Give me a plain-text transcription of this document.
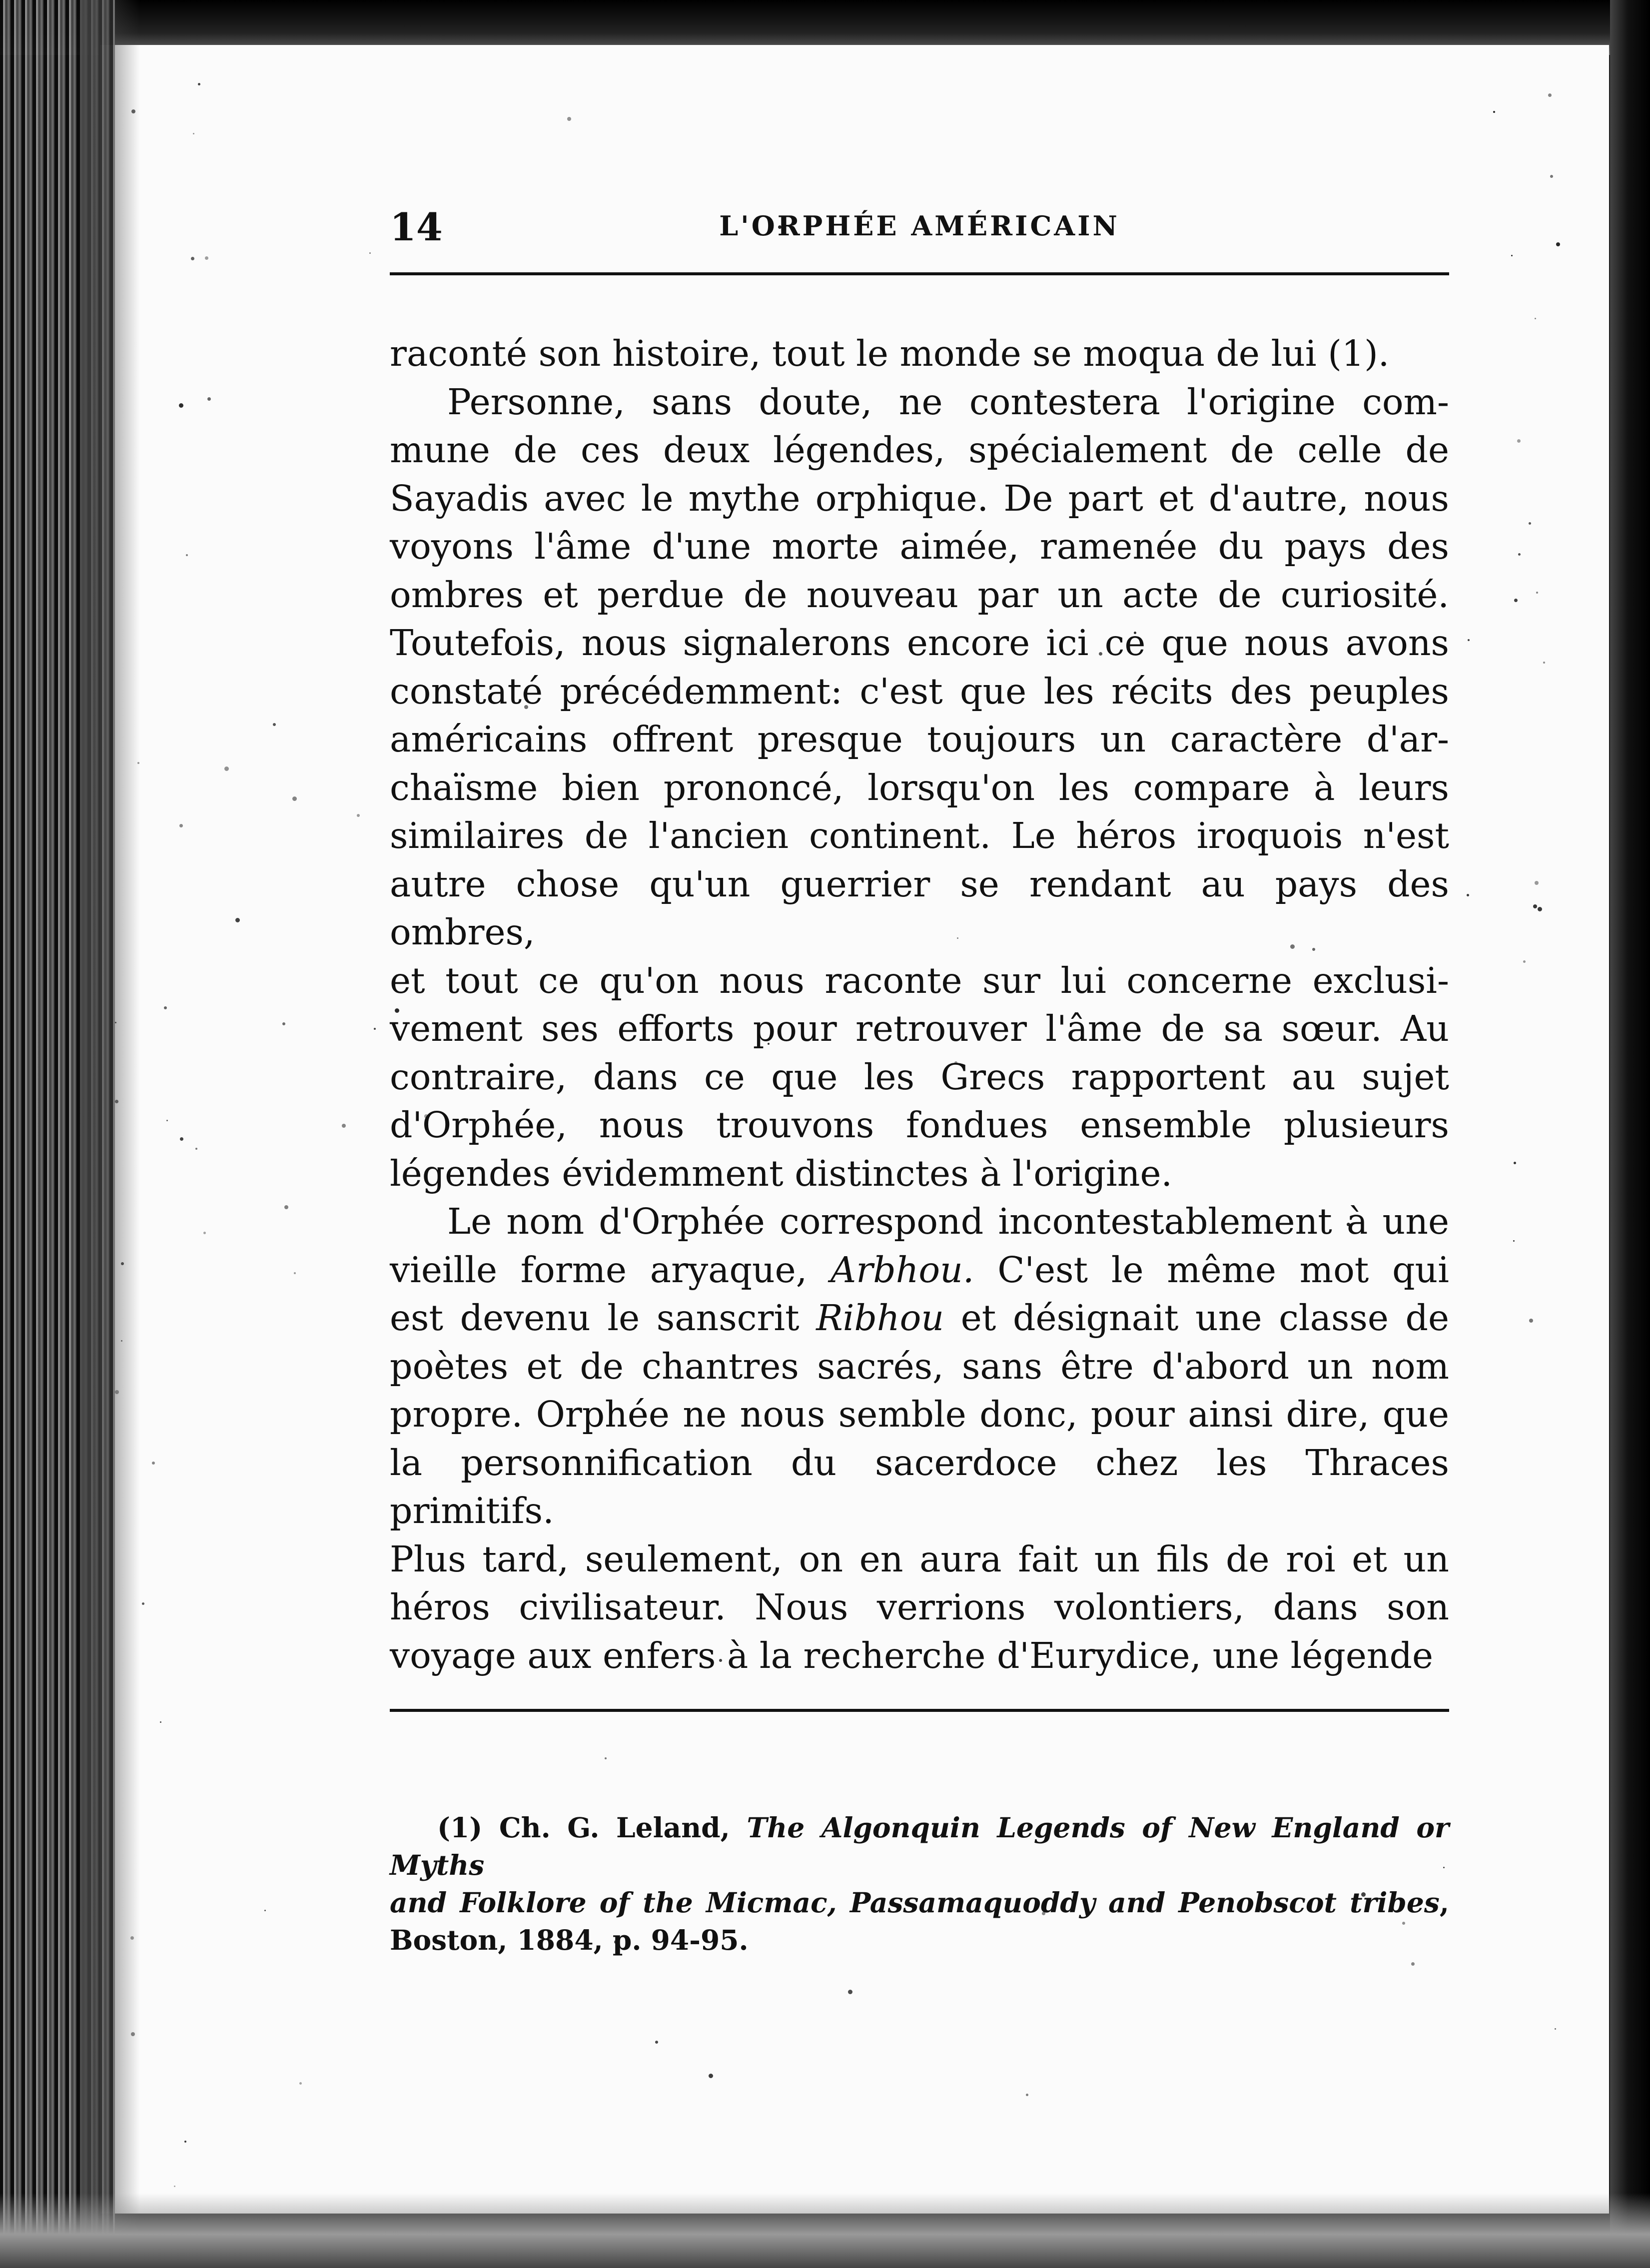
14	L'ORPHÉE AMÉRICAIN

raconté son histoire, tout le monde se moqua de lui (1).

Personne, sans doute, ne contestera l'origine com-

mune de ces deux légendes, spécialement de celle de

Sayadis avec le mythe orphique. De part et d'autre, nous

voyons l'âme d'une morte aimée, ramenée du pays des

ombres et perdue de nouveau par un acte de curiosité.

Toutefois, nous signalerons encore ici ce que nous avons

constaté précédemment: c'est que les récits des peuples

américains offrent presque toujours un caractère d'ar-

chaïsme bien prononcé, lorsqu'on les compare à leurs

similaires de l'ancien continent. Le héros iroquois n'est

autre chose qu'un guerrier se rendant au pays des ombres,

et tout ce qu'on nous raconte sur lui concerne exclusi-

vement ses efforts pour retrouver l'âme de sa sœur. Au

contraire, dans ce que les Grecs rapportent au sujet

d'Orphée, nous trouvons fondues ensemble plusieurs

légendes évidemment distinctes à l'origine.

Le nom d'Orphée correspond incontestablement à une

vieille forme aryaque, Arbhou. C'est le même mot qui

est devenu le sanscrit Ribhou et désignait une classe de

poètes et de chantres sacrés, sans être d'abord un nom

propre. Orphée ne nous semble donc, pour ainsi dire, que

la personnification du sacerdoce chez les Thraces primitifs.

Plus tard, seulement, on en aura fait un fils de roi et un

héros civilisateur. Nous verrions volontiers, dans son

voyage aux enfers à la recherche d'Eurydice, une légende

(1) Ch. G. Leland, The Algonquin Legends of New England or Myths

and Folklore of the Micmac, Passamaquoddy and Penobscot tribes,

Boston, 1884, p. 94-95.
